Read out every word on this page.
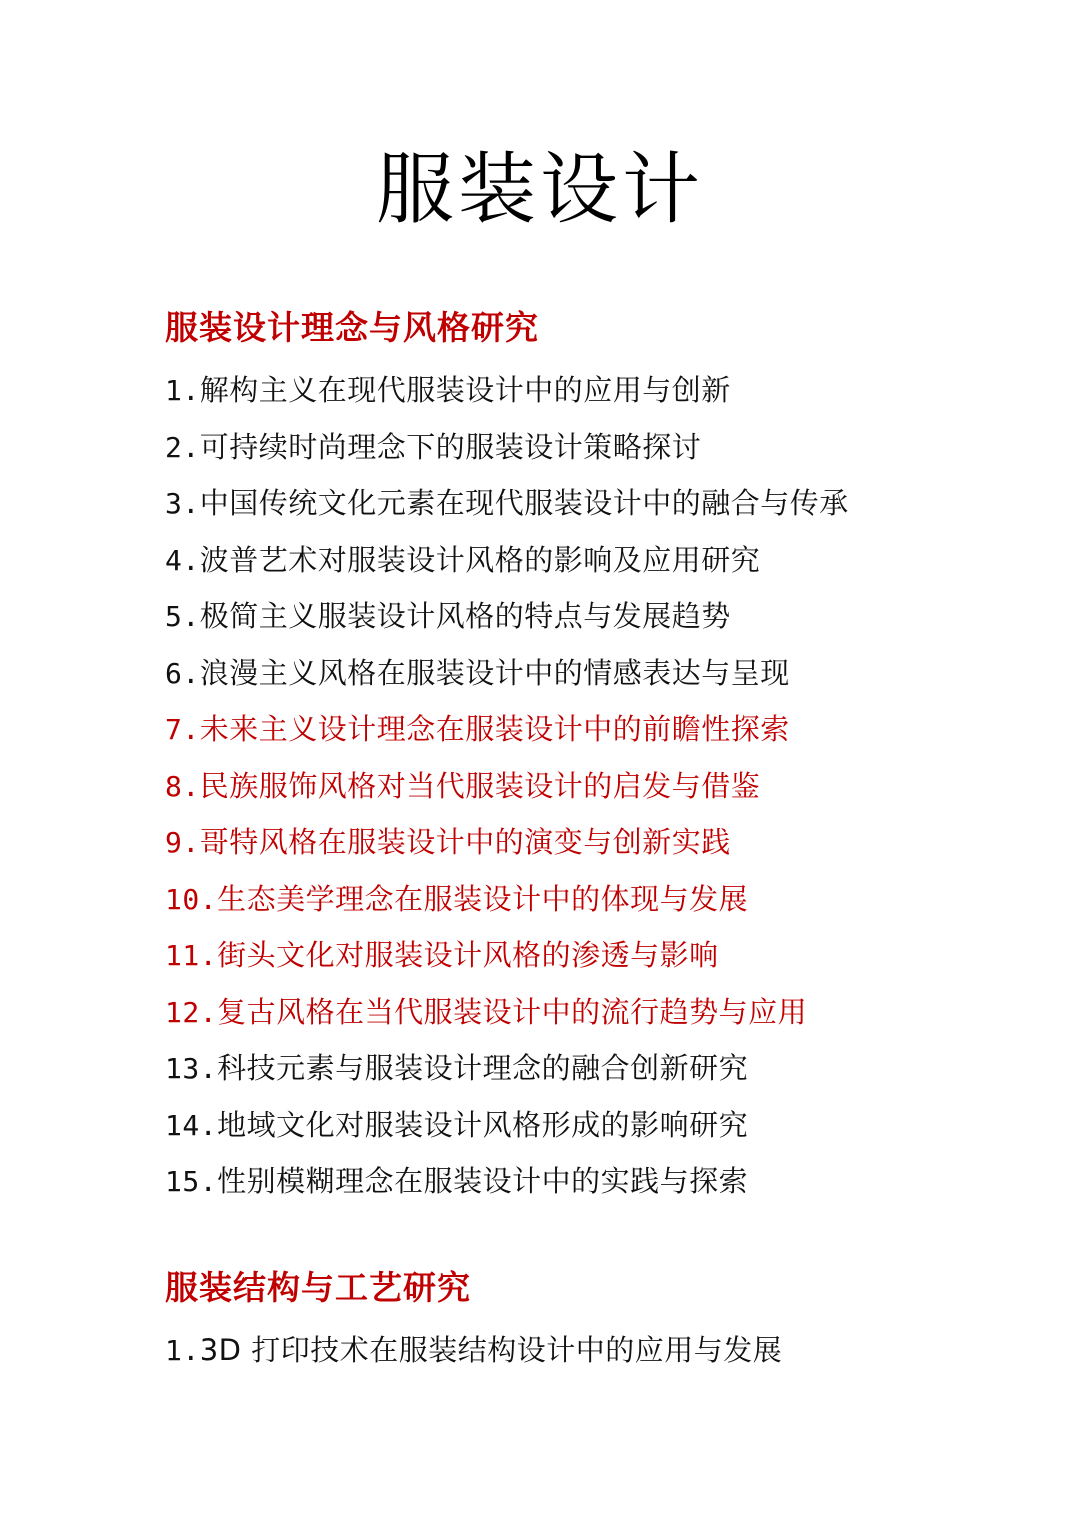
服装设计
服装设计理念与风格研究
1.解构主义在现代服装设计中的应用与创新
2.可持续时尚理念下的服装设计策略探讨
3.中国传统文化元素在现代服装设计中的融合与传承
4.波普艺术对服装设计风格的影响及应用研究
5.极简主义服装设计风格的特点与发展趋势
6.浪漫主义风格在服装设计中的情感表达与呈现
7.未来主义设计理念在服装设计中的前瞻性探索
8.民族服饰风格对当代服装设计的启发与借鉴
9.哥特风格在服装设计中的演变与创新实践
10.生态美学理念在服装设计中的体现与发展
11.街头文化对服装设计风格的渗透与影响
12.复古风格在当代服装设计中的流行趋势与应用
13.科技元素与服装设计理念的融合创新研究
14.地域文化对服装设计风格形成的影响研究
15.性别模糊理念在服装设计中的实践与探索
服装结构与工艺研究
1.3D 打印技术在服装结构设计中的应用与发展
